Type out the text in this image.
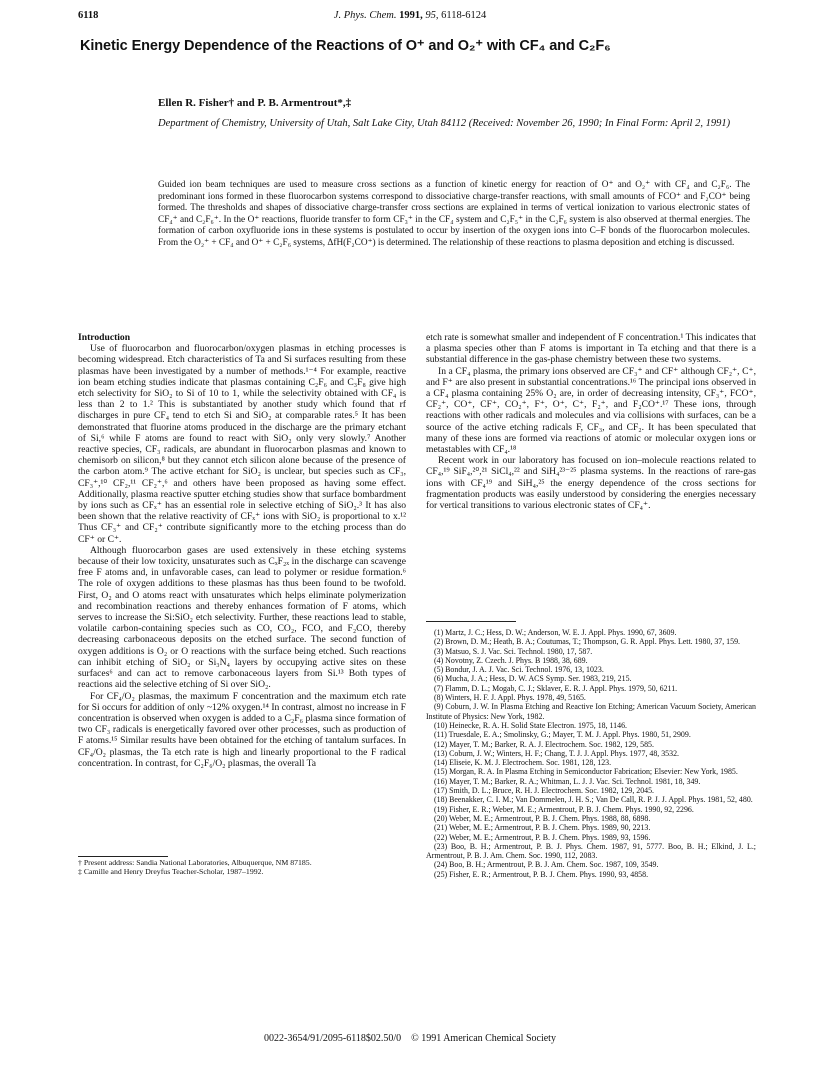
6118	J. Phys. Chem. 1991, 95, 6118-6124
Kinetic Energy Dependence of the Reactions of O⁺ and O₂⁺ with CF₄ and C₂F₆
Ellen R. Fisher† and P. B. Armentrout*,‡
Department of Chemistry, University of Utah, Salt Lake City, Utah 84112 (Received: November 26, 1990; In Final Form: April 2, 1991)

Guided ion beam techniques are used to measure cross sections as a function of kinetic energy for reaction of O⁺ and O₂⁺ with CF₄ and C₂F₆. The predominant ions formed in these fluorocarbon systems correspond to dissociative charge-transfer reactions, with small amounts of FCO⁺ and F₂CO⁺ being formed. The thresholds and shapes of dissociative charge-transfer cross sections are explained in terms of vertical ionization to various electronic states of CF₄⁺ and C₂F₆⁺. In the O⁺ reactions, fluoride transfer to form CF₃⁺ in the CF₄ system and C₂F₅⁺ in the C₂F₆ system is also observed at thermal energies. The formation of carbon oxyfluoride ions in these systems is postulated to occur by insertion of the oxygen ions into C–F bonds of the fluorocarbon molecules. From the O₂⁺ + CF₄ and O⁺ + C₂F₆ systems, ΔfH(F₂CO⁺) is determined. The relationship of these reactions to plasma deposition and etching is discussed.

Introduction

Use of fluorocarbon and fluorocarbon/oxygen plasmas in etching processes is becoming widespread. Etch characteristics of Ta and Si surfaces resulting from these plasmas have been investigated by a number of methods.¹⁻⁴ For example, reactive ion beam etching studies indicate that plasmas containing C₂F₆ and C₃F₈ give high etch selectivity for SiO₂ to Si of 10 to 1, while the selectivity obtained with CF₄ is less than 2 to 1.² This is substantiated by another study which found that rf discharges in pure CF₄ tend to etch Si and SiO₂ at comparable rates.⁵ It has been demonstrated that fluorine atoms produced in the discharge are the primary etchant of Si,⁶ while F atoms are found to react with SiO₂ only very slowly.⁷ Another reactive species, CF₃ radicals, are abundant in fluorocarbon plasmas and known to chemisorb on silicon,⁸ but they cannot etch silicon alone because of the presence of the carbon atom.⁹ The active etchant for SiO₂ is unclear, but species such as CF₃, CF₃⁺,¹⁰ CF₂,¹¹ CF₂⁺,⁶ and others have been proposed as having some effect. Additionally, plasma reactive sputter etching studies show that surface bombardment by ions such as CFₓ⁺ has an essential role in selective etching of SiO₂.³ It has also been shown that the relative reactivity of CFₓ⁺ ions with SiO₂ is proportional to x.¹² Thus CF₃⁺ and CF₂⁺ contribute significantly more to the etching process than do CF⁺ or C⁺.

Although fluorocarbon gases are used extensively in these etching systems because of their low toxicity, unsaturates such as CₓF₂ₓ in the discharge can scavenge free F atoms and, in unfavorable cases, can lead to polymer or residue formation.⁶ The role of oxygen additions to these plasmas has thus been found to be twofold. First, O₂ and O atoms react with unsaturates which helps eliminate polymerization and recombination reactions and thereby enhances formation of F atoms, which serves to increase the Si:SiO₂ etch selectivity. Further, these reactions lead to stable, volatile carbon-containing species such as CO, CO₂, FCO, and F₂CO, thereby decreasing carbonaceous deposits on the etched surface. The second function of oxygen additions is O₂ or O reactions with the surface being etched. Such reactions can inhibit etching of SiO₂ or Si₃N₄ layers by occupying active sites on these surfaces⁶ and can act to remove carbonaceous layers from Si.¹³ Both types of reactions aid the selective etching of Si over SiO₂.

For CF₄/O₂ plasmas, the maximum F concentration and the maximum etch rate for Si occurs for addition of only ~12% oxygen.¹⁴ In contrast, almost no increase in F concentration is observed when oxygen is added to a C₂F₆ plasma since formation of two CF₃ radicals is energetically favored over other processes, such as production of F atoms.¹⁵ Similar results have been obtained for the etching of tantalum surfaces. In CF₄/O₂ plasmas, the Ta etch rate is high and linearly proportional to the F radical concentration. In contrast, for C₂F₆/O₂ plasmas, the overall Ta

† Present address: Sandia National Laboratories, Albuquerque, NM 87185.
‡ Camille and Henry Dreyfus Teacher-Scholar, 1987–1992.

etch rate is somewhat smaller and independent of F concentration.¹ This indicates that a plasma species other than F atoms is important in Ta etching and that there is a substantial difference in the gas-phase chemistry between these two systems.

In a CF₄ plasma, the primary ions observed are CF₃⁺ and CF⁺ although CF₂⁺, C⁺, and F⁺ are also present in substantial concentrations.¹⁶ The principal ions observed in a CF₄ plasma containing 25% O₂ are, in order of decreasing intensity, CF₃⁺, FCO⁺, CF₂⁺, CO⁺, CF⁺, CO₂⁺, F⁺, O⁺, C⁺, F₂⁺, and F₂CO⁺.¹⁷ These ions, through reactions with other radicals and molecules and via collisions with surfaces, can be a source of the active etching radicals F, CF₃, and CF₂. It has been speculated that many of these ions are formed via reactions of atomic or molecular oxygen ions or metastables with CF₄.¹⁸

Recent work in our laboratory has focused on ion–molecule reactions related to CF₄,¹⁹ SiF₄,²⁰,²¹ SiCl₄,²² and SiH₄²³⁻²⁵ plasma systems. In the reactions of rare-gas ions with CF₄¹⁹ and SiH₄,²⁵ the energy dependence of the cross sections for fragmentation products was easily understood by considering the energies necessary for vertical transitions to various electronic states of CF₄⁺.

(1) Martz, J. C.; Hess, D. W.; Anderson, W. E. J. Appl. Phys. 1990, 67, 3609.
(2) Brown, D. M.; Heath, B. A.; Coutumas, T.; Thompson, G. R. Appl. Phys. Lett. 1980, 37, 159.
(3) Matsuo, S. J. Vac. Sci. Technol. 1980, 17, 587.
(4) Novotny, Z. Czech. J. Phys. B 1988, 38, 689.
(5) Bondur, J. A. J. Vac. Sci. Technol. 1976, 13, 1023.
(6) Mucha, J. A.; Hess, D. W. ACS Symp. Ser. 1983, 219, 215.
(7) Flamm, D. L.; Mogab, C. J.; Sklaver, E. R. J. Appl. Phys. 1979, 50, 6211.
(8) Winters, H. F. J. Appl. Phys. 1978, 49, 5165.
(9) Coburn, J. W. In Plasma Etching and Reactive Ion Etching; American Vacuum Society, American Institute of Physics: New York, 1982.
(10) Heinecke, R. A. H. Solid State Electron. 1975, 18, 1146.
(11) Truesdale, E. A.; Smolinsky, G.; Mayer, T. M. J. Appl. Phys. 1980, 51, 2909.
(12) Mayer, T. M.; Barker, R. A. J. Electrochem. Soc. 1982, 129, 585.
(13) Coburn, J. W.; Winters, H. F.; Chang, T. J. J. Appl. Phys. 1977, 48, 3532.
(14) Eliseie, K. M. J. Electrochem. Soc. 1981, 128, 123.
(15) Morgan, R. A. In Plasma Etching in Semiconductor Fabrication; Elsevier: New York, 1985.
(16) Mayer, T. M.; Barker, R. A.; Whitman, L. J. J. Vac. Sci. Technol. 1981, 18, 349.
(17) Smith, D. L.; Bruce, R. H. J. Electrochem. Soc. 1982, 129, 2045.
(18) Beenakker, C. I. M.; Van Dommelen, J. H. S.; Van De Call, R. P. J. J. Appl. Phys. 1981, 52, 480.
(19) Fisher, E. R.; Weber, M. E.; Armentrout, P. B. J. Chem. Phys. 1990, 92, 2296.
(20) Weber, M. E.; Armentrout, P. B. J. Chem. Phys. 1988, 88, 6898.
(21) Weber, M. E.; Armentrout, P. B. J. Chem. Phys. 1989, 90, 2213.
(22) Weber, M. E.; Armentrout, P. B. J. Chem. Phys. 1989, 93, 1596.
(23) Boo, B. H.; Armentrout, P. B. J. Phys. Chem. 1987, 91, 5777. Boo, B. H.; Elkind, J. L.; Armentrout, P. B. J. Am. Chem. Soc. 1990, 112, 2083.
(24) Boo, B. H.; Armentrout, P. B. J. Am. Chem. Soc. 1987, 109, 3549.
(25) Fisher, E. R.; Armentrout, P. B. J. Chem. Phys. 1990, 93, 4858.
0022-3654/91/2095-6118$02.50/0 © 1991 American Chemical Society
